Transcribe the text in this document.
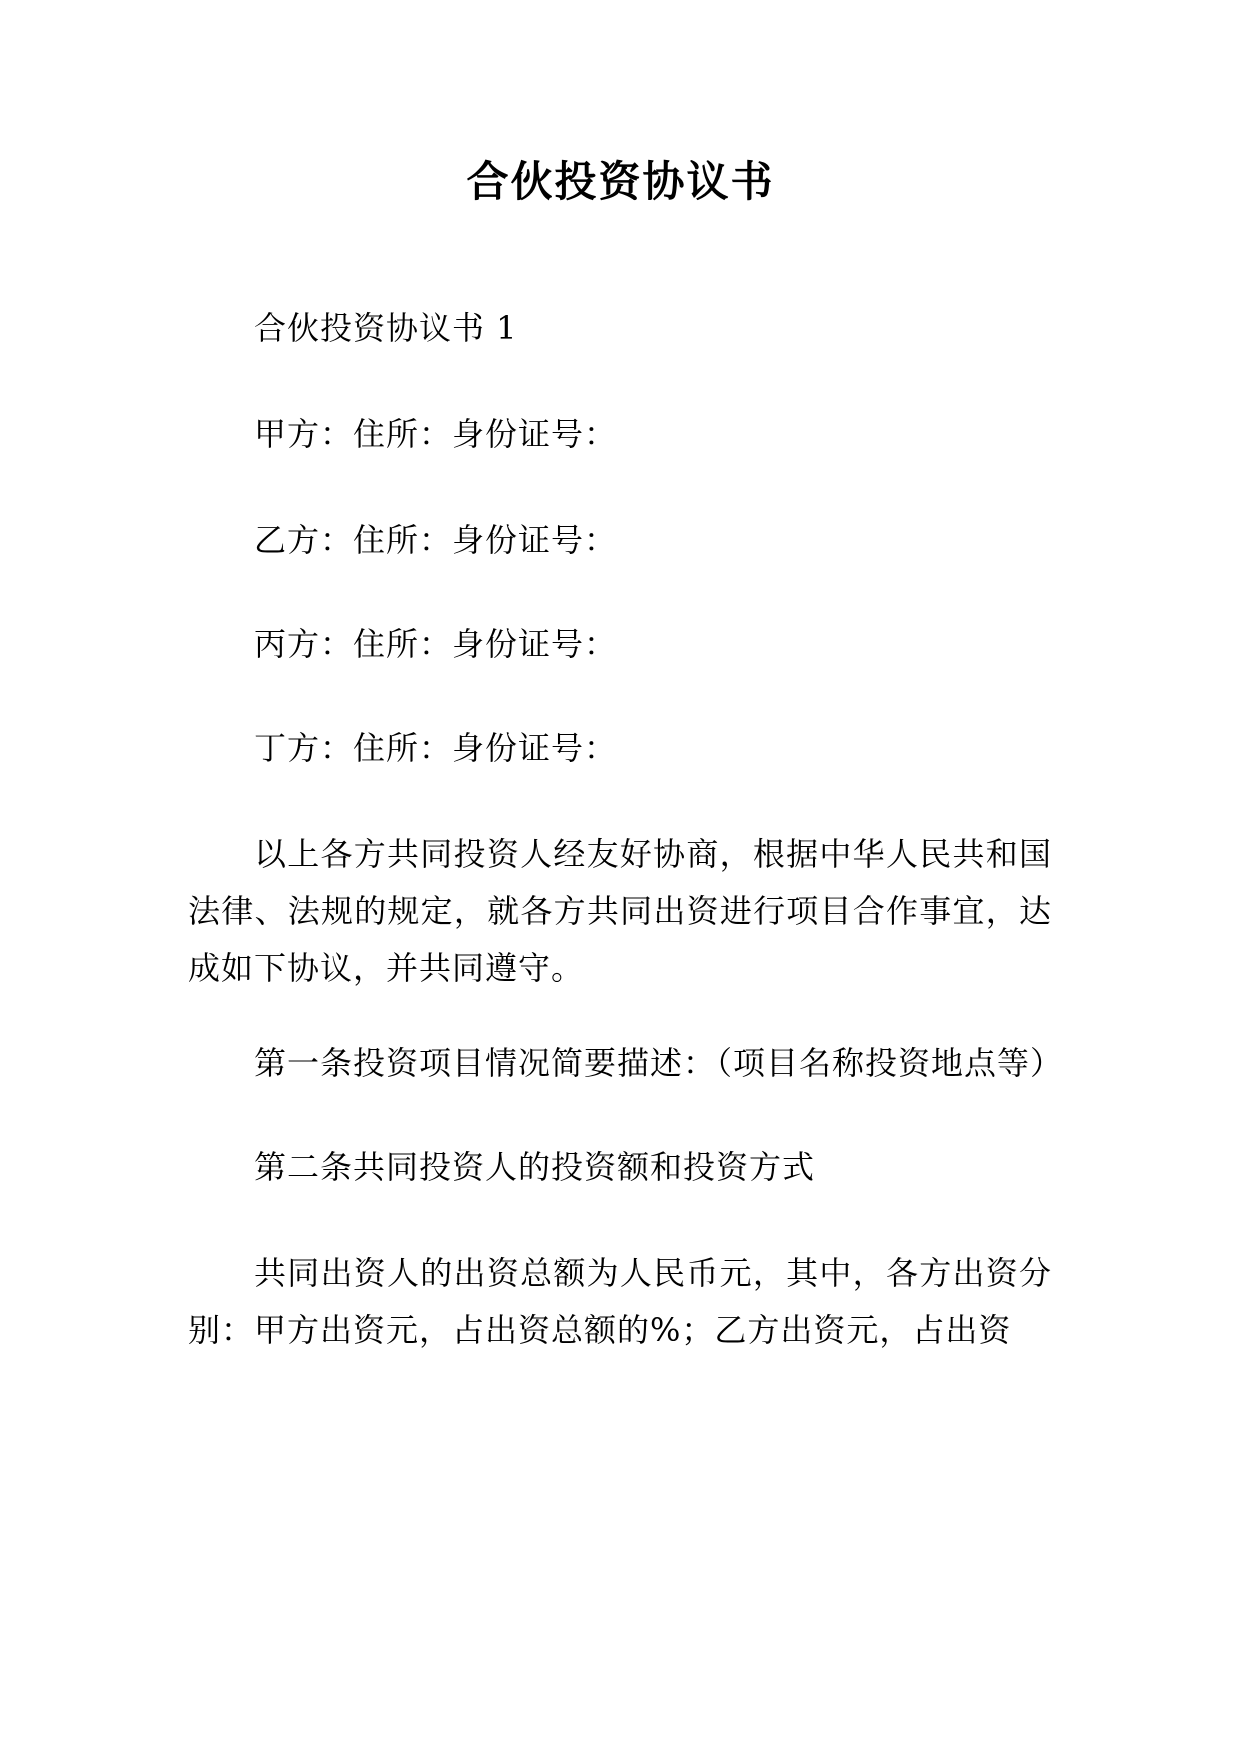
合伙投资协议书

合伙投资协议书 1

甲方：住所：身份证号：

乙方：住所：身份证号：

丙方：住所：身份证号：

丁方：住所：身份证号：

以上各方共同投资人经友好协商，根据中华人民共和国法律、法规的规定，就各方共同出资进行项目合作事宜，达成如下协议，并共同遵守。

第一条投资项目情况简要描述：（项目名称投资地点等）

第二条共同投资人的投资额和投资方式

共同出资人的出资总额为人民币元，其中，各方出资分别：甲方出资元，占出资总额的%；乙方出资元，占出资
